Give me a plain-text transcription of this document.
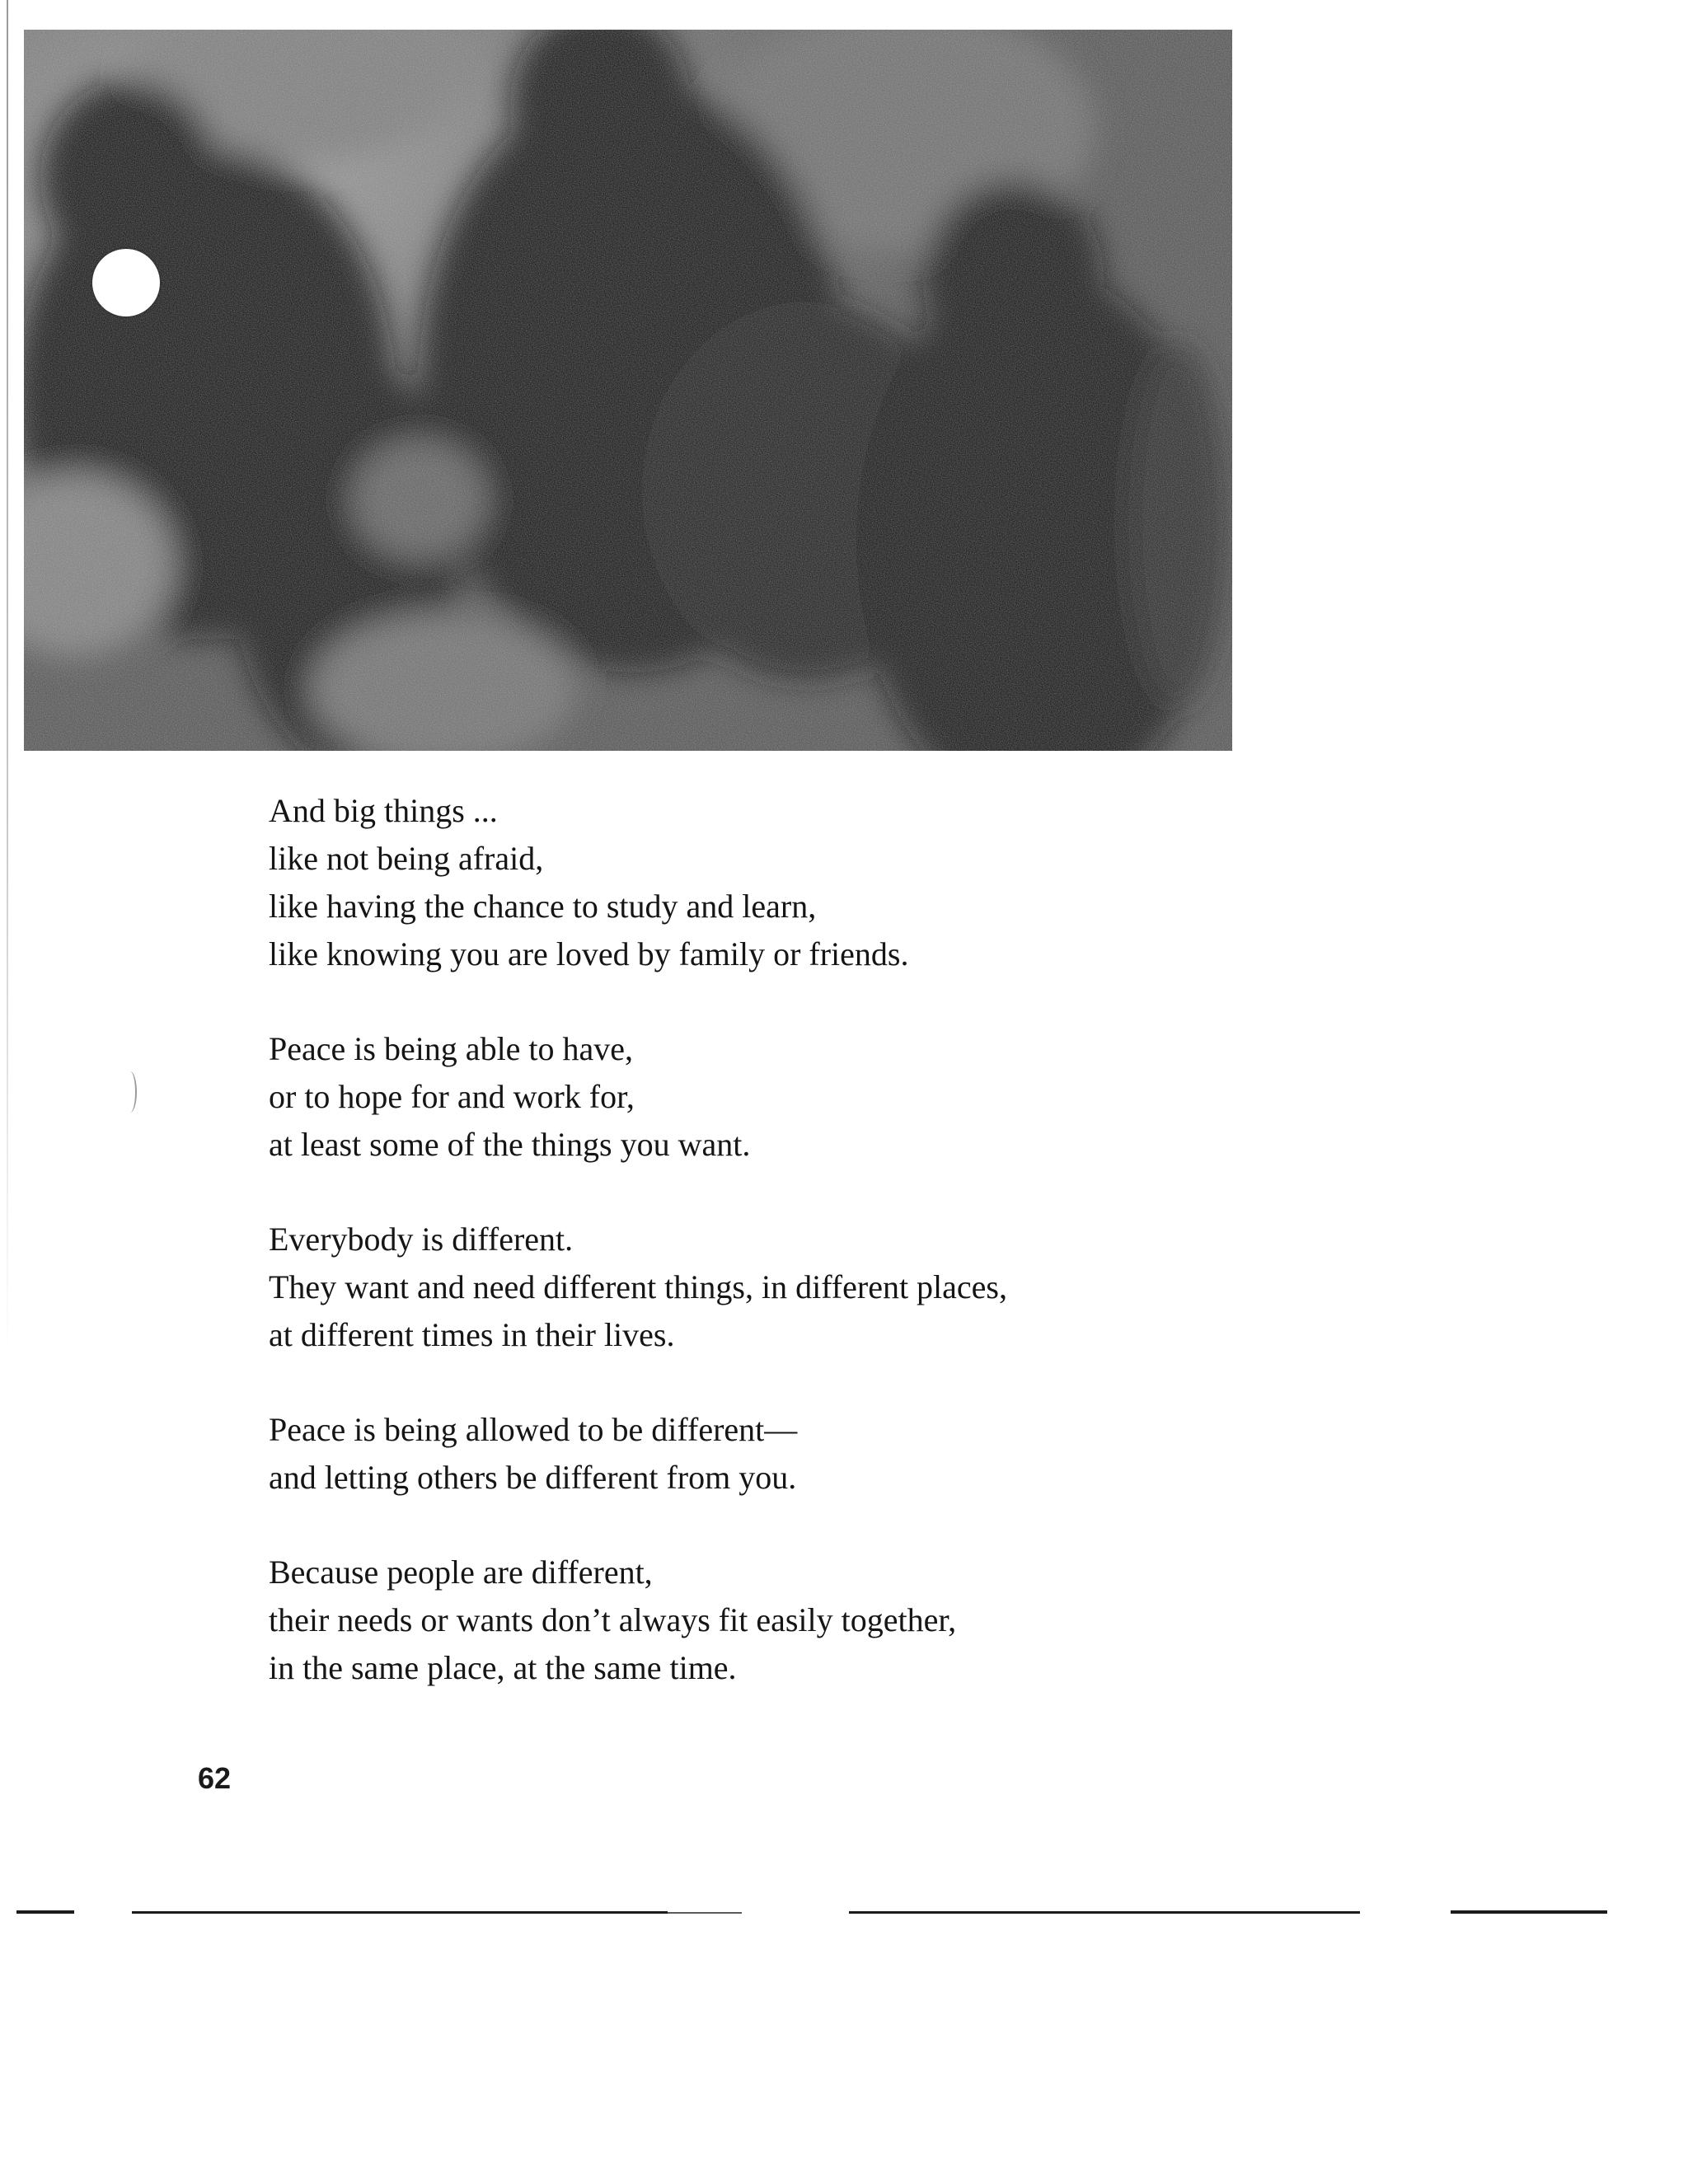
And big things ...
like not being afraid,
like having the chance to study and learn,
like knowing you are loved by family or friends.
Peace is being able to have,
or to hope for and work for,
at least some of the things you want.
Everybody is different.
They want and need different things, in different places,
at different times in their lives.
Peace is being allowed to be different—
and letting others be different from you.
Because people are different,
their needs or wants don’t always fit easily together,
in the same place, at the same time.
62
